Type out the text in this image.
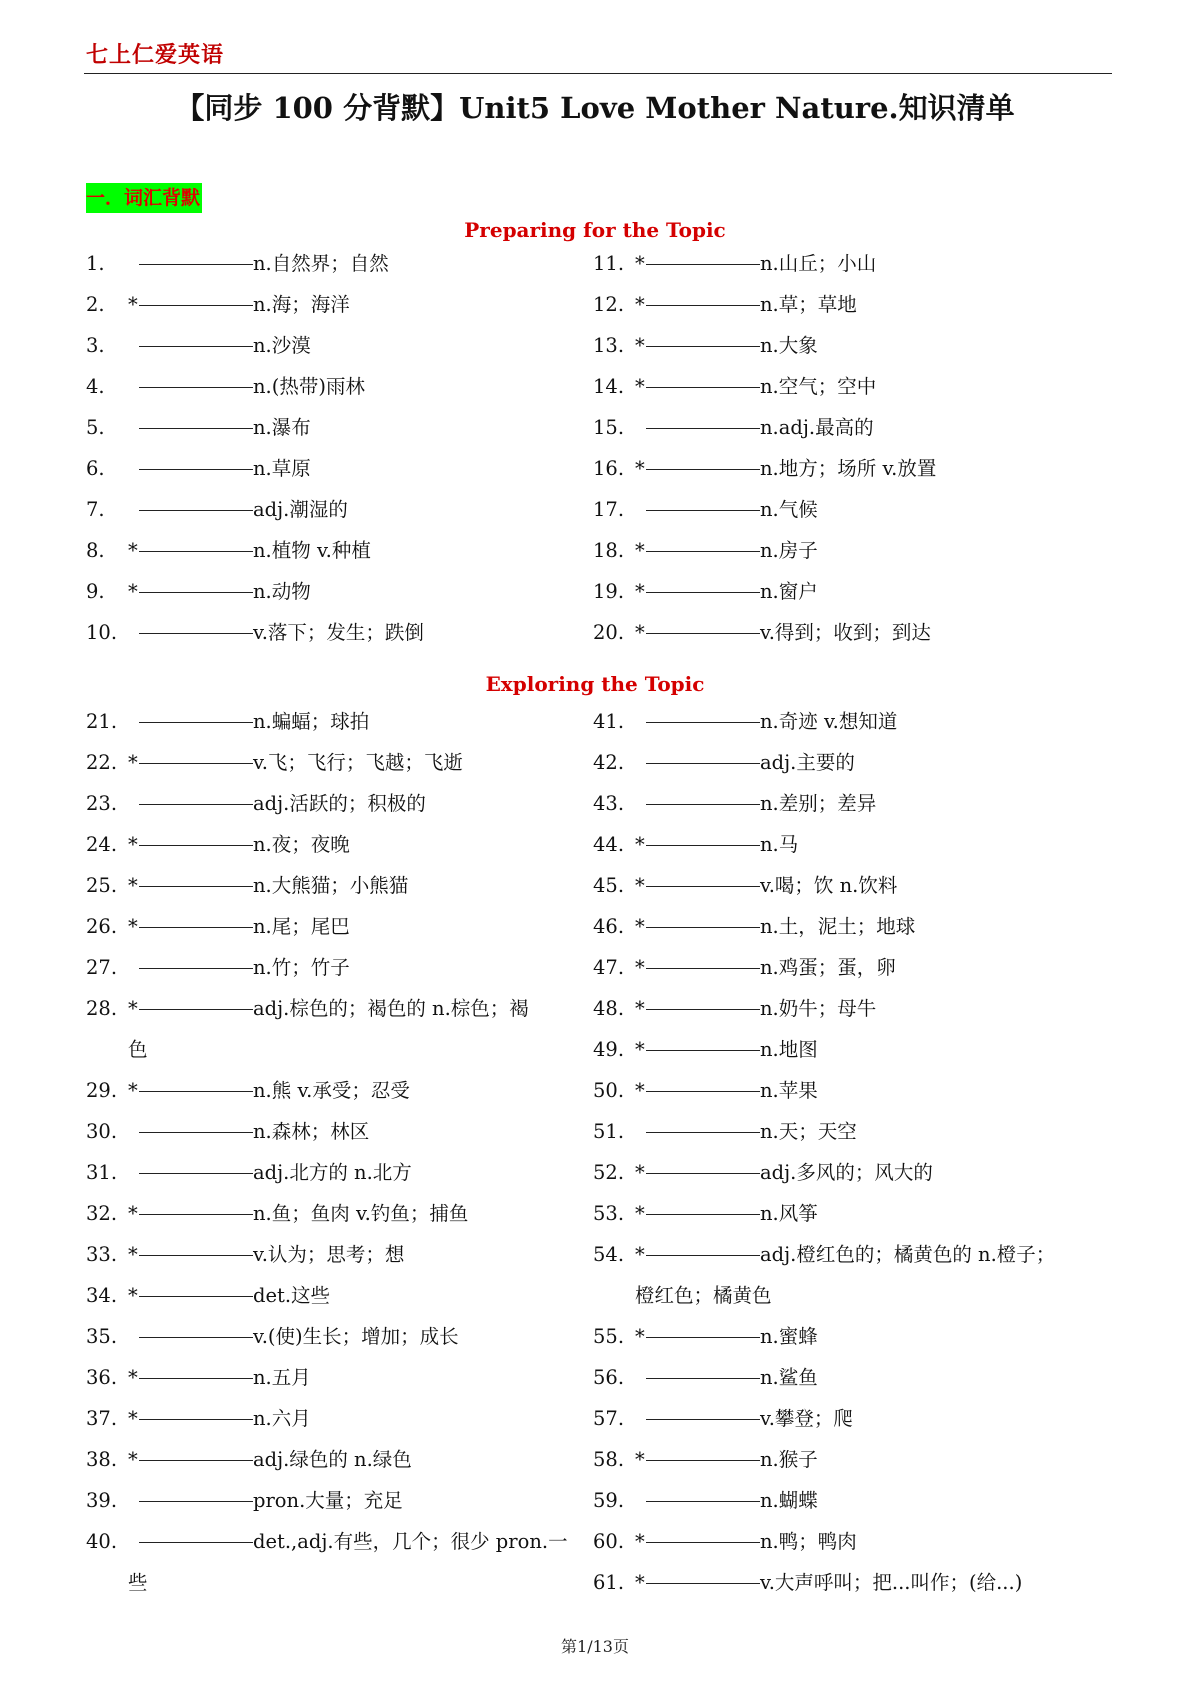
七上仁爱英语
【同步 100 分背默】Unit5 Love Mother Nature.知识清单
一．词汇背默
Preparing for the Topic
1.	n.自然界；自然
2. *	n.海；海洋
3.	n.沙漠
4.	n.(热带)雨林
5.	n.瀑布
6.	n.草原
7.	adj.潮湿的
8. *	n.植物 v.种植
9. *	n.动物
10.	v.落下；发生；跌倒
11. *	n.山丘；小山
12. *	n.草；草地
13. *	n.大象
14. *	n.空气；空中
15.	n.adj.最高的
16. *	n.地方；场所 v.放置
17.	n.气候
18. *	n.房子
19. *	n.窗户
20. *	v.得到；收到；到达
Exploring the Topic
21.	n.蝙蝠；球拍
22. *	v.飞；飞行；飞越；飞逝
23.	adj.活跃的；积极的
24. *	n.夜；夜晚
25. *	n.大熊猫；小熊猫
26. *	n.尾；尾巴
27.	n.竹；竹子
28. *	adj.棕色的；褐色的 n.棕色；褐
色
29. *	n.熊 v.承受；忍受
30.	n.森林；林区
31.	adj.北方的 n.北方
32. *	n.鱼；鱼肉 v.钓鱼；捕鱼
33. *	v.认为；思考；想
34. *	det.这些
35.	v.(使)生长；增加；成长
36. *	n.五月
37. *	n.六月
38. *	adj.绿色的 n.绿色
39.	pron.大量；充足
40.	det.,adj.有些，几个；很少 pron.一
些
41.	n.奇迹 v.想知道
42.	adj.主要的
43.	n.差别；差异
44. *	n.马
45. *	v.喝；饮 n.饮料
46. *	n.土，泥土；地球
47. *	n.鸡蛋；蛋，卵
48. *	n.奶牛；母牛
49. *	n.地图
50. *	n.苹果
51.	n.天；天空
52. *	adj.多风的；风大的
53. *	n.风筝
54. *	adj.橙红色的；橘黄色的 n.橙子；
橙红色；橘黄色
55. *	n.蜜蜂
56.	n.鲨鱼
57.	v.攀登；爬
58. *	n.猴子
59.	n.蝴蝶
60. *	n.鸭；鸭肉
61. *	v.大声呼叫；把...叫作；(给...)
第1/13页
